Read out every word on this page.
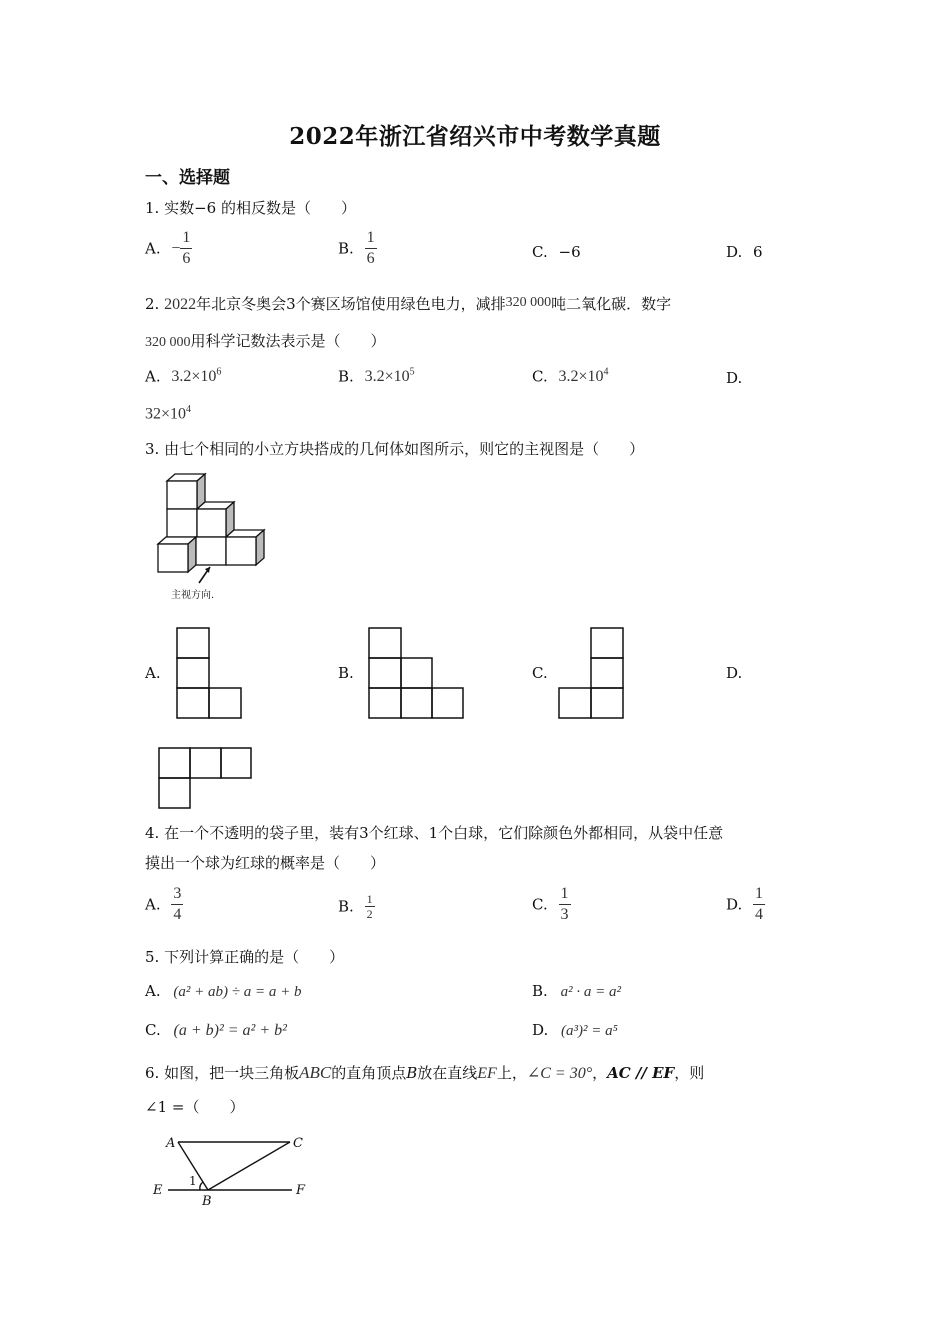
2022年浙江省绍兴市中考数学真题
一、选择题
1. 实数−6 的相反数是（　　）
A. − $\frac{1}{6}$	B. $\frac{1}{6}$	C. −6	D. 6
2. 2022年北京冬奥会3个赛区场馆使用绿色电力，减排320 000吨二氧化碳．数字
320 000用科学记数法表示是（　　）
A. $3.2\times 10^6$	B. $3.2\times 10^5$	C. $3.2\times 10^4$	D.
$32\times 10^4$
3. 由七个相同的小立方块搭成的几何体如图所示，则它的主视图是（　　）
主视方向.
A.	B.	C.	D.
4. 在一个不透明的袋子里，装有3个红球、1个白球，它们除颜色外都相同，从袋中任意
摸出一个球为红球的概率是（　　）
A. $\frac{3}{4}$	B. $\frac{1}{2}$	C. $\frac{1}{3}$	D. $\frac{1}{4}$
5. 下列计算正确的是（　　）
A. (a² + ab) ÷ a = a + b	B. a² · a = a²
C. (a + b)² = a² + b²	D. (a³)² = a⁵
6. 如图，把一块三角板ABC的直角顶点B放在直线EF上，∠C = 30°，AC // EF，则
∠1 =（　　）
A	C
E
1
B
F
